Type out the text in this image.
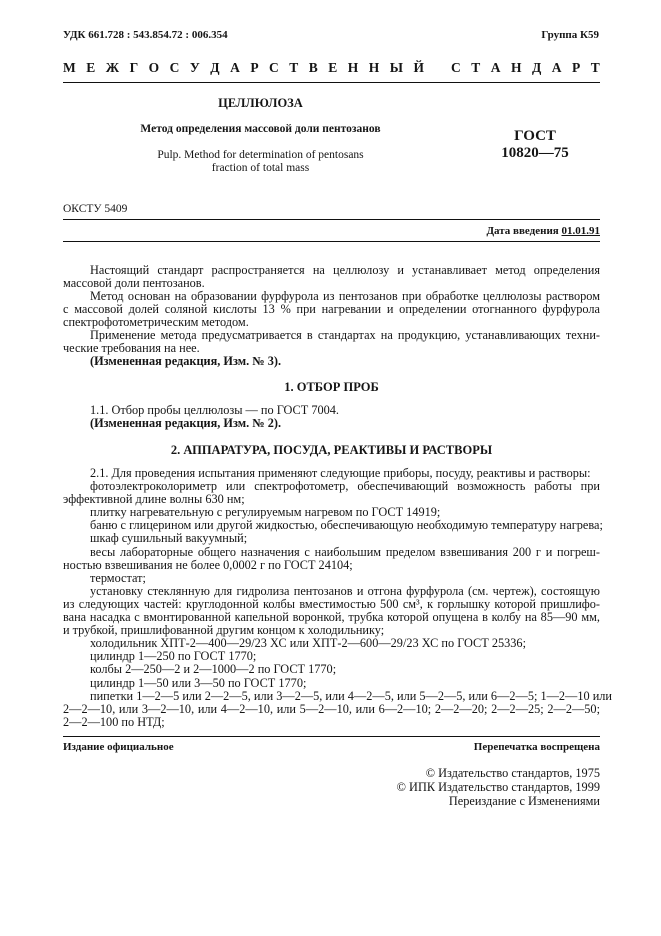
УДК 661.728 : 543.854.72 : 006.354	Группа К59
М Е Ж Г О С У Д А Р С Т В Е Н Н Ы Й С Т А Н Д А Р Т
ЦЕЛЛЮЛОЗА
Метод определения массовой доли пентозанов
Pulp. Method for determination of pentosans
fraction of total mass
ГОСТ
10820—75
ОКСТУ 5409
Дата введения 01.01.91
Настоящий стандарт распространяется на целлюлозу и устанавливает метод определения
массовой доли пентозанов.
Метод основан на образовании фурфурола из пентозанов при обработке целлюлозы раствором
с массовой долей соляной кислоты 13 % при нагревании и определении отогнанного фурфурола
спектрофотометрическим методом.
Применение метода предусматривается в стандартах на продукцию, устанавливающих техни-
ческие требования на нее.
(Измененная редакция, Изм. № 3).
1. ОТБОР ПРОБ
1.1. Отбор пробы целлюлозы — по ГОСТ 7004.
(Измененная редакция, Изм. № 2).
2. АППАРАТУРА, ПОСУДА, РЕАКТИВЫ И РАСТВОРЫ
2.1. Для проведения испытания применяют следующие приборы, посуду, реактивы и растворы:
фотоэлектроколориметр или спектрофотометр, обеспечивающий возможность работы при
эффективной длине волны 630 нм;
плитку нагревательную с регулируемым нагревом по ГОСТ 14919;
баню с глицерином или другой жидкостью, обеспечивающую необходимую температуру нагрева;
шкаф сушильный вакуумный;
весы лабораторные общего назначения с наибольшим пределом взвешивания 200 г и погреш-
ностью взвешивания не более 0,0002 г по ГОСТ 24104;
термостат;
установку стеклянную для гидролиза пентозанов и отгона фурфурола (см. чертеж), состоящую
из следующих частей: круглодонной колбы вместимостью 500 см³, к горлышку которой пришлифо-
вана насадка с вмонтированной капельной воронкой, трубка которой опущена в колбу на 85—90 мм,
и трубкой, пришлифованной другим концом к холодильнику;
холодильник ХПТ-2—400—29/23 ХС или ХПТ-2—600—29/23 ХС по ГОСТ 25336;
цилиндр 1—250 по ГОСТ 1770;
колбы 2—250—2 и 2—1000—2 по ГОСТ 1770;
цилиндр 1—50 или 3—50 по ГОСТ 1770;
пипетки 1—2—5 или 2—2—5, или 3—2—5, или 4—2—5, или 5—2—5, или 6—2—5; 1—2—10 или
2—2—10, или 3—2—10, или 4—2—10, или 5—2—10, или 6—2—10; 2—2—20; 2—2—25; 2—2—50;
2—2—100 по НТД;
Издание официальное	Перепечатка воспрещена
© Издательство стандартов, 1975
© ИПК Издательство стандартов, 1999
Переиздание с Изменениями
